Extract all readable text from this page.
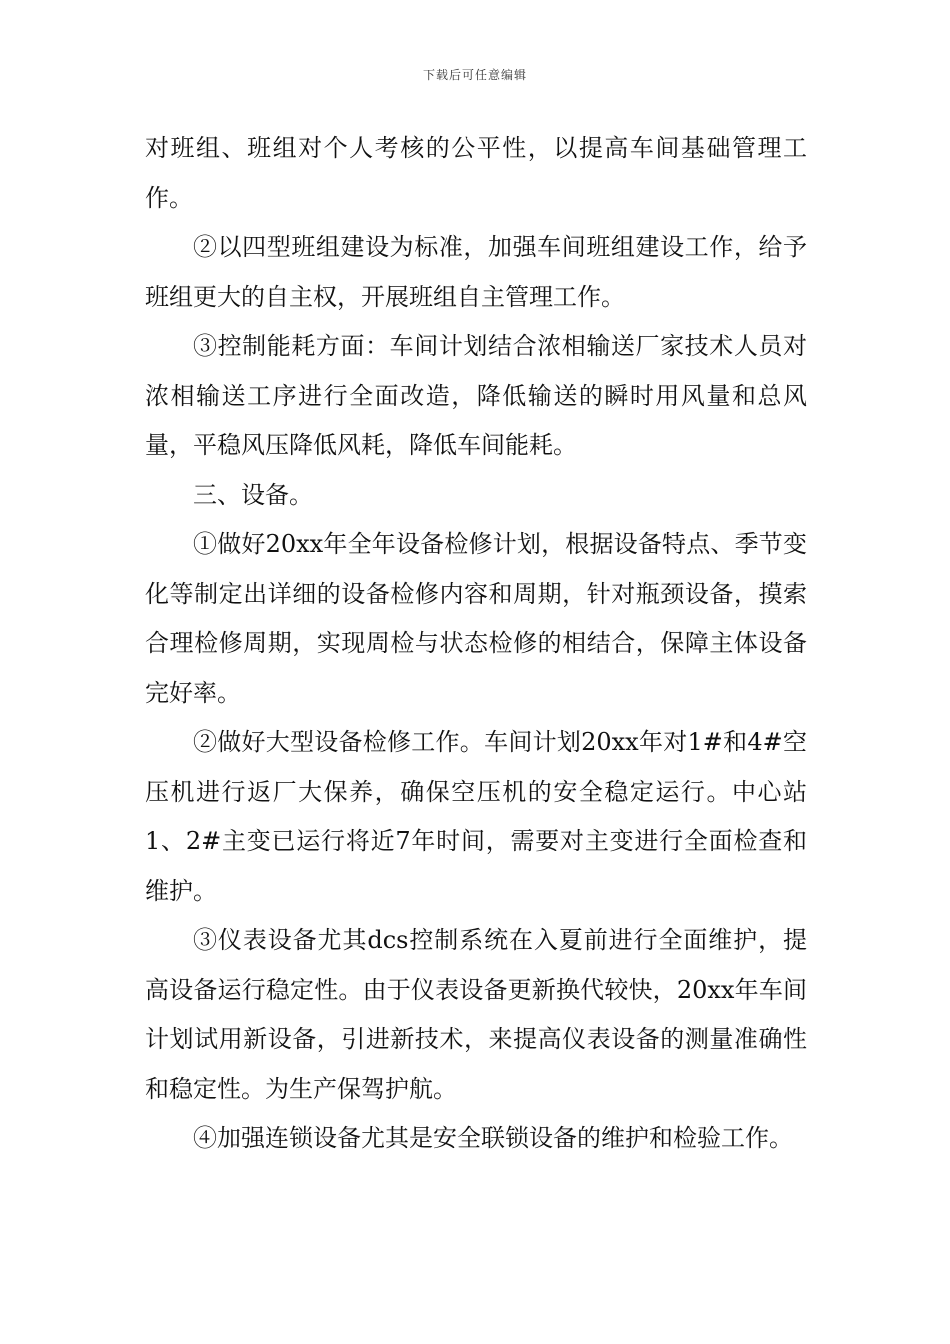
下载后可任意编辑

对班组、班组对个人考核的公平性，以提高车间基础管理工作。

②以四型班组建设为标准，加强车间班组建设工作，给予班组更大的自主权，开展班组自主管理工作。

③控制能耗方面：车间计划结合浓相输送厂家技术人员对浓相输送工序进行全面改造，降低输送的瞬时用风量和总风量，平稳风压降低风耗，降低车间能耗。

三、设备。

①做好20xx年全年设备检修计划，根据设备特点、季节变化等制定出详细的设备检修内容和周期，针对瓶颈设备，摸索合理检修周期，实现周检与状态检修的相结合，保障主体设备完好率。

②做好大型设备检修工作。车间计划20xx年对1#和4#空压机进行返厂大保养，确保空压机的安全稳定运行。中心站1、2#主变已运行将近7年时间，需要对主变进行全面检查和维护。

③仪表设备尤其dcs控制系统在入夏前进行全面维护，提高设备运行稳定性。由于仪表设备更新换代较快，20xx年车间计划试用新设备，引进新技术，来提高仪表设备的测量准确性和稳定性。为生产保驾护航。

④加强连锁设备尤其是安全联锁设备的维护和检验工作。
